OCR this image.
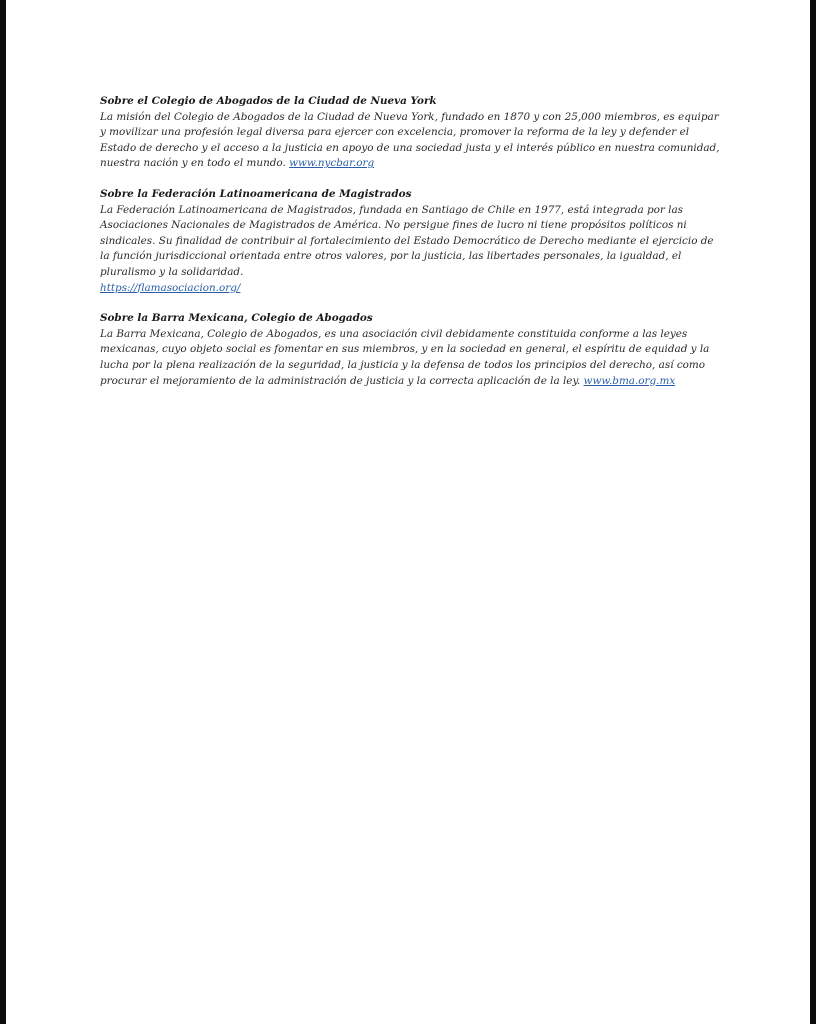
Sobre el Colegio de Abogados de la Ciudad de Nueva York

La misión del Colegio de Abogados de la Ciudad de Nueva York, fundado en 1870 y con 25,000 miembros, es equipar y movilizar una profesión legal diversa para ejercer con excelencia, promover la reforma de la ley y defender el Estado de derecho y el acceso a la justicia en apoyo de una sociedad justa y el interés público en nuestra comunidad, nuestra nación y en todo el mundo. www.nycbar.org

Sobre la Federación Latinoamericana de Magistrados

La Federación Latinoamericana de Magistrados, fundada en Santiago de Chile en 1977, está integrada por las Asociaciones Nacionales de Magistrados de América. No persigue fines de lucro ni tiene propósitos políticos ni sindicales. Su finalidad de contribuir al fortalecimiento del Estado Democrático de Derecho mediante el ejercicio de la función jurisdiccional orientada entre otros valores, por la justicia, las libertades personales, la igualdad, el pluralismo y la solidaridad.
https://flamasociacion.org/

Sobre la Barra Mexicana, Colegio de Abogados

La Barra Mexicana, Colegio de Abogados, es una asociación civil debidamente constituida conforme a las leyes mexicanas, cuyo objeto social es fomentar en sus miembros, y en la sociedad en general, el espíritu de equidad y la lucha por la plena realización de la seguridad, la justicia y la defensa de todos los principios del derecho, así como procurar el mejoramiento de la administración de justicia y la correcta aplicación de la ley. www.bma.org.mx
